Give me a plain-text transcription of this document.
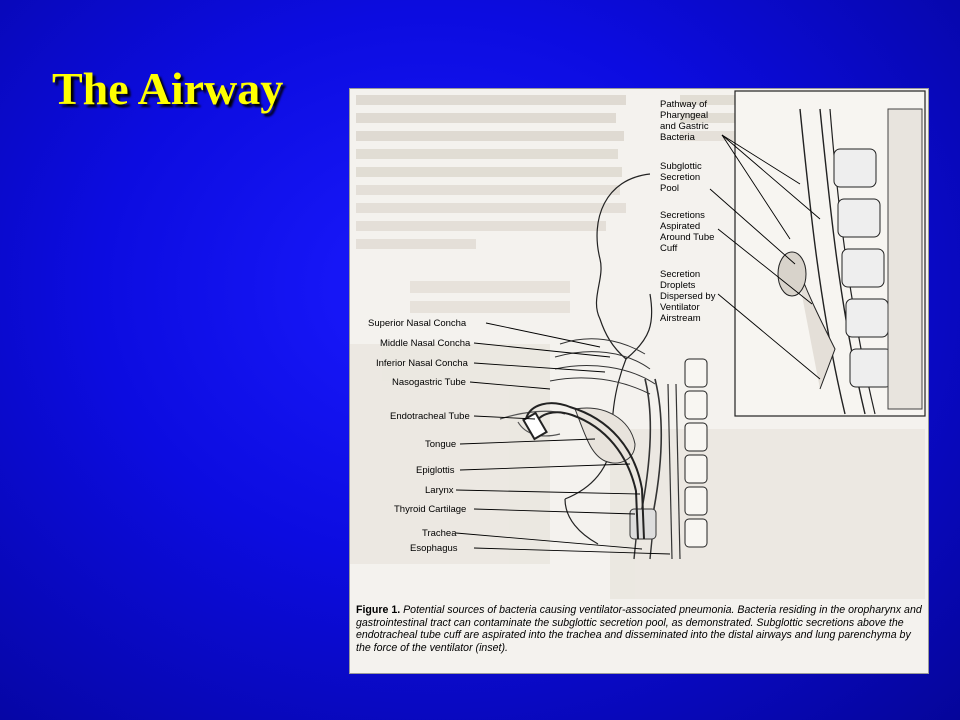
The Airway
Superior Nasal Concha
Middle Nasal Concha
Inferior Nasal Concha
Nasogastric Tube
Endotracheal Tube
Tongue
Epiglottis
Larynx
Thyroid Cartilage
Trachea
Esophagus
Pathway of Pharyngeal and Gastric Bacteria
Subglottic Secretion Pool
Secretions Aspirated Around Tube Cuff
Secretion Droplets Dispersed by Ventilator Airstream
Figure 1. Potential sources of bacteria causing ventilator-associated pneumonia. Bacteria residing in the oropharynx and gastrointestinal tract can contaminate the subglottic secretion pool, as demonstrated. Subglottic secretions above the endotracheal tube cuff are aspirated into the trachea and disseminated into the distal airways and lung parenchyma by the force of the ventilator (inset).
